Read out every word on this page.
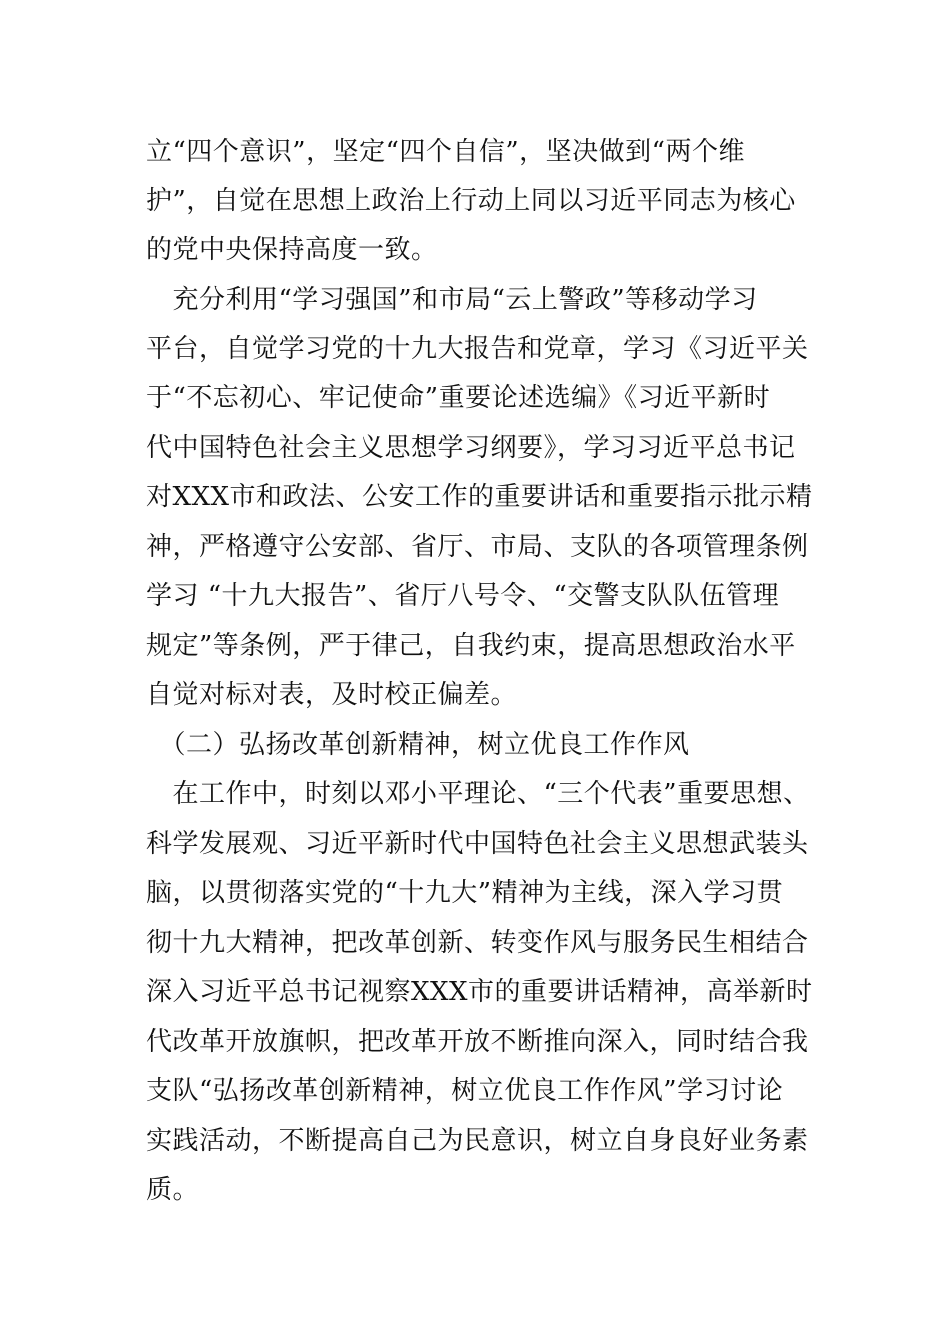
立“四个意识”，坚定“四个自信”，坚决做到“两个维
护”，自觉在思想上政治上行动上同以习近平同志为核心
的党中央保持高度一致。
　充分利用“学习强国”和市局“云上警政”等移动学习
平台，自觉学习党的十九大报告和党章，学习《习近平关
于“不忘初心、牢记使命”重要论述选编》《习近平新时
代中国特色社会主义思想学习纲要》，学习习近平总书记
对XXX市和政法、公安工作的重要讲话和重要指示批示精
神，严格遵守公安部、省厅、市局、支队的各项管理条例
学习 “十九大报告”、省厅八号令、“交警支队队伍管理
规定”等条例，严于律己，自我约束，提高思想政治水平
自觉对标对表，及时校正偏差。
　（二）弘扬改革创新精神，树立优良工作作风
　在工作中，时刻以邓小平理论、“三个代表”重要思想、
科学发展观、习近平新时代中国特色社会主义思想武装头
脑，以贯彻落实党的“十九大”精神为主线，深入学习贯
彻十九大精神，把改革创新、转变作风与服务民生相结合
深入习近平总书记视察XXX市的重要讲话精神，高举新时
代改革开放旗帜，把改革开放不断推向深入，同时结合我
支队“弘扬改革创新精神，树立优良工作作风”学习讨论
实践活动，不断提高自己为民意识，树立自身良好业务素
质。
